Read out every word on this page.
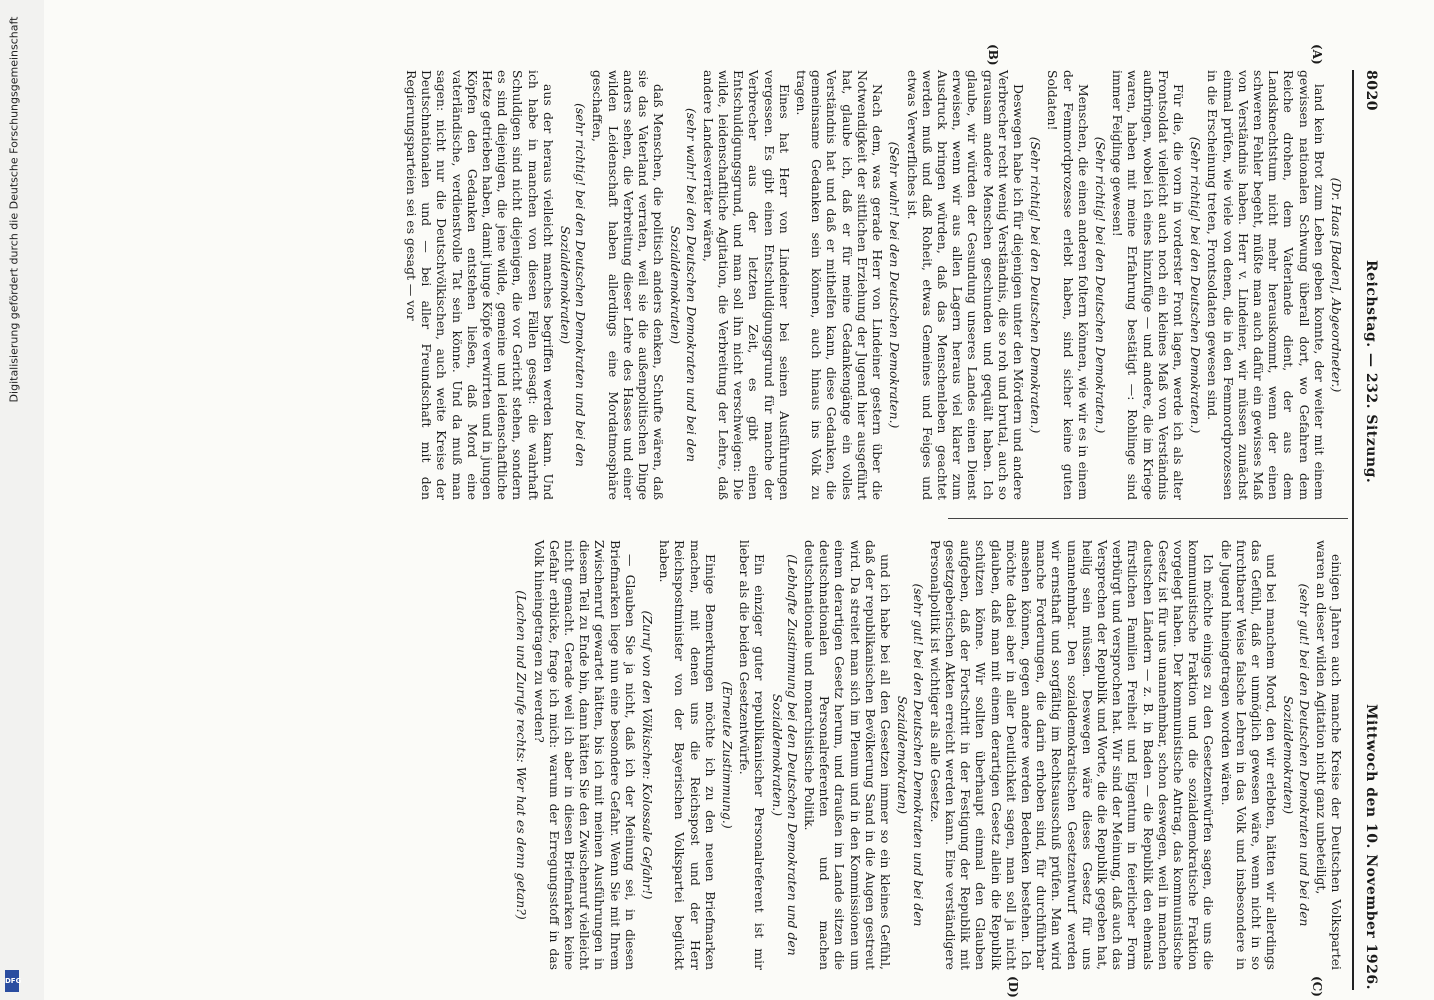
Digitalisierung gefördert durch die Deutsche Forschungsgemeinschaft
DFG
8020
Reichstag. — 232. Sitzung.
Mittwoch den 10. November 1926.
(A)
(B)
(C)
(D)

(Dr. Haas [Baden], Abgeordneter.)

land kein Brot zum Leben geben konnte, der weiter mit einem gewissen nationalen Schwung überall dort, wo Gefahren dem Reiche drohen, dem Vaterlande dient, der aus dem Landsknechtstum nicht mehr herauskommt, wenn der einen schweren Fehler begeht, müßte man auch dafür ein gewisses Maß von Verständnis haben. Herr v. Lindeiner, wir müssen zunächst einmal prüfen, wie viele von denen, die in den Femmordprozessen in die Erscheinung treten, Frontsoldaten gewesen sind.

(Sehr richtig! bei den Deutschen Demokraten.)

Für die, die vorn in vorderster Front lagen, werde ich als alter Frontsoldat vielleicht auch noch ein kleines Maß von Verständnis aufbringen, wobei ich eines hinzufüge — und andere, die im Kriege waren, haben mit meine Erfahrung bestätigt —: Rohlinge sind immer Feiglinge gewesen!

(Sehr richtig! bei den Deutschen Demokraten.)

Menschen, die einen anderen foltern können, wie wir es in einem der Femmordprozesse erlebt haben, sind sicher keine guten Soldaten!

(Sehr richtig! bei den Deutschen Demokraten.)

Deswegen habe ich für diejenigen unter den Mördern und andere Verbrecher recht wenig Verständnis, die so roh und brutal, auch so grausam andere Menschen geschunden und gequält haben. Ich glaube, wir würden der Gesundung unseres Landes einen Dienst erweisen, wenn wir aus allen Lagern heraus viel klarer zum Ausdruck bringen würden, daß das Menschenleben geachtet werden muß und daß Roheit, etwas Gemeines und Feiges und etwas Verwerfliches ist.

(Sehr wahr! bei den Deutschen Demokraten.)

Nach dem, was gerade Herr von Lindeiner gestern über die Notwendigkeit der sittlichen Erziehung der Jugend hier ausgeführt hat, glaube ich, daß er für meine Gedankengänge ein volles Verständnis hat und daß er mithelfen kann, diese Gedanken, die gemeinsame Gedanken sein können, auch hinaus ins Volk zu tragen.

Eines hat Herr von Lindeiner bei seinen Ausführungen vergessen. Es gibt einen Entschuldigungsgrund für manche der Verbrecher aus der letzten Zeit, es gibt einen Entschuldigungsgrund, und man soll ihn nicht verschweigen: Die wilde, leidenschaftliche Agitation, die Verbreitung der Lehre, daß andere Landesverräter wären,

(sehr wahr! bei den Deutschen Demokraten und bei den Sozialdemokraten)

daß Menschen, die politisch anders denken, Schufte wären, daß sie das Vaterland verraten, weil sie die außenpolitischen Dinge anders sehen, die Verbreitung dieser Lehre des Hasses und einer wilden Leidenschaft haben allerdings eine Mordatmosphäre geschaffen,

(sehr richtig! bei den Deutschen Demokraten und bei den Sozialdemokraten)

aus der heraus vielleicht manches begriffen werden kann. Und ich habe in manchen von diesen Fällen gesagt: die wahrhaft Schuldigen sind nicht diejenigen, die vor Gericht stehen, sondern es sind diejenigen, die jene wilde, gemeine und leidenschaftliche Hetze getrieben haben, damit junge Köpfe verwirrten und in jungen Köpfen den Gedanken entstehen ließen, daß Mord eine vaterländische, verdienstvolle Tat sein könne. Und da muß man sagen: nicht nur die Deutschvölkischen, auch weite Kreise der Deutschnationalen und — bei aller Freundschaft mit den Regierungsparteien sei es gesagt — vor

einigen Jahren auch manche Kreise der Deutschen Volkspartei waren an dieser wilden Agitation nicht ganz unbeteiligt,

(sehr gut! bei den Deutschen Demokraten und bei den Sozialdemokraten)

und bei manchem Mord, den wir erlebten, hätten wir allerdings das Gefühl, daß er unmöglich gewesen wäre, wenn nicht in so furchtbarer Weise falsche Lehren in das Volk und insbesondere in die Jugend hineingetragen worden wären.

Ich möchte einiges zu den Gesetzentwürfen sagen, die uns die kommunistische Fraktion und die sozialdemokratische Fraktion vorgelegt haben. Der kommunistische Antrag, das kommunistische Gesetz ist für uns unannehmbar, schon deswegen, weil in manchen deutschen Ländern — z. B. in Baden — die Republik den ehemals fürstlichen Familien Freiheit und Eigentum in feierlicher Form verbürgt und versprochen hat. Wir sind der Meinung, daß auch das Versprechen der Republik und Worte, die die Republik gegeben hat, heilig sein müssen. Deswegen wäre dieses Gesetz für uns unannehmbar. Den sozialdemokratischen Gesetzentwurf werden wir ernsthaft und sorgfältig im Rechtsausschuß prüfen. Man wird manche Forderungen, die darin erhoben sind, für durchführbar ansehen können, gegen andere werden Bedenken bestehen. Ich möchte dabei aber in aller Deutlichkeit sagen, man soll ja nicht glauben, daß man mit einem derartigen Gesetz allein die Republik schützen könne. Wir sollten überhaupt einmal den Glauben aufgeben, daß der Fortschritt in der Festigung der Republik mit gesetzgeberischen Akten erreicht werden kann. Eine verständigere Personalpolitik ist wichtiger als alle Gesetze.

(sehr gut! bei den Deutschen Demokraten und bei den Sozialdemokraten)

und ich habe bei all den Gesetzen immer so ein kleines Gefühl, daß der republikanischen Bevölkerung Sand in die Augen gestreut wird. Da streitet man sich im Plenum und in den Kommissionen um einem derartigen Gesetz herum, und draußen im Lande sitzen die deutschnationalen Personalreferenten und machen deutschnationale und monarchistische Politik.

(Lebhafte Zustimmung bei den Deutschen Demokraten und den Sozialdemokraten.)

Ein einziger guter republikanischer Personalreferent ist mir lieber als die beiden Gesetzentwürfe.

(Erneute Zustimmung.)

Einige Bemerkungen möchte ich zu den neuen Briefmarken machen, mit denen uns die Reichspost und der Herr Reichspostminister von der Bayerischen Volkspartei beglückt haben.

(Zuruf von den Völkischen: Kolossale Gefahr!)

— Glauben Sie ja nicht, daß ich der Meinung sei, in diesen Briefmarken liege nun eine besondere Gefahr. Wenn Sie mit Ihrem Zwischenruf gewartet hätten, bis ich mit meinen Ausführungen in diesem Teil zu Ende bin, dann hätten Sie den Zwischenruf vielleicht nicht gemacht. Gerade weil ich aber in diesen Briefmarken keine Gefahr erblicke, frage ich mich: warum der Erregungsstoff in das Volk hineingetragen zu werden?

(Lachen und Zurufe rechts: Wer hat es denn getan?)
